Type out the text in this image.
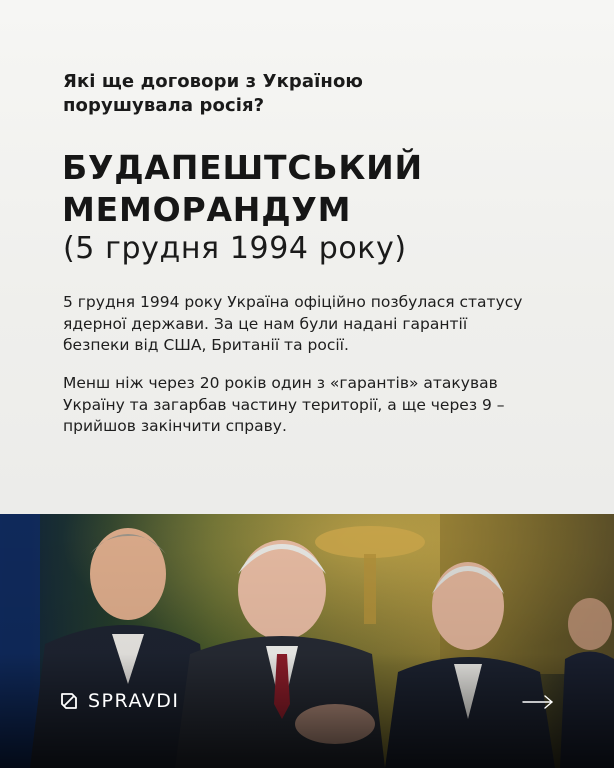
Які ще договори з Україною
порушувала росія?
БУДАПЕШТСЬКИЙ
МЕМОРАНДУМ
(5 грудня 1994 року)
5 грудня 1994 року Україна офіційно позбулася статусу
ядерної держави. За це нам були надані гарантії
безпеки від США, Британії та росії.
Менш ніж через 20 років один з «гарантів» атакував
Україну та загарбав частину території, а ще через 9 –
прийшов закінчити справу.
SPRAVDI
